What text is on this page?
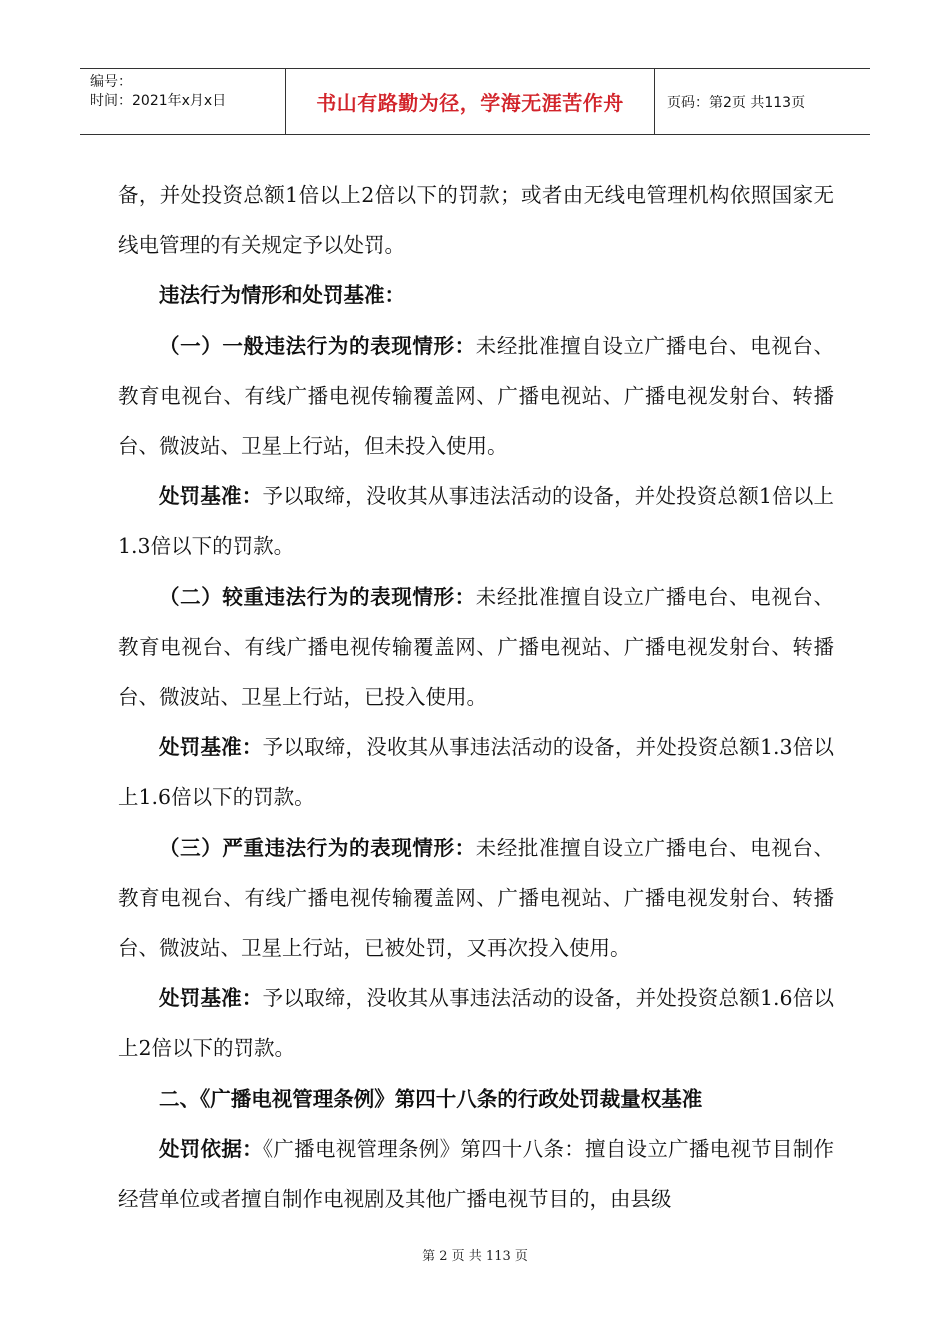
编号：
时间：2021年x月x日	书山有路勤为径，学海无涯苦作舟	页码：第2页 共113页

备，并处投资总额1倍以上2倍以下的罚款；或者由无线电管理机构依照国家无线电管理的有关规定予以处罚。

违法行为情形和处罚基准：

（一）一般违法行为的表现情形：未经批准擅自设立广播电台、电视台、教育电视台、有线广播电视传输覆盖网、广播电视站、广播电视发射台、转播台、微波站、卫星上行站，但未投入使用。

处罚基准：予以取缔，没收其从事违法活动的设备，并处投资总额1倍以上1.3倍以下的罚款。

（二）较重违法行为的表现情形：未经批准擅自设立广播电台、电视台、教育电视台、有线广播电视传输覆盖网、广播电视站、广播电视发射台、转播台、微波站、卫星上行站，已投入使用。

处罚基准：予以取缔，没收其从事违法活动的设备，并处投资总额1.3倍以上1.6倍以下的罚款。

（三）严重违法行为的表现情形：未经批准擅自设立广播电台、电视台、教育电视台、有线广播电视传输覆盖网、广播电视站、广播电视发射台、转播台、微波站、卫星上行站，已被处罚，又再次投入使用。

处罚基准：予以取缔，没收其从事违法活动的设备，并处投资总额1.6倍以上2倍以下的罚款。

二、《广播电视管理条例》第四十八条的行政处罚裁量权基准

处罚依据：《广播电视管理条例》第四十八条：擅自设立广播电视节目制作经营单位或者擅自制作电视剧及其他广播电视节目的，由县级

第 2 页 共 113 页
